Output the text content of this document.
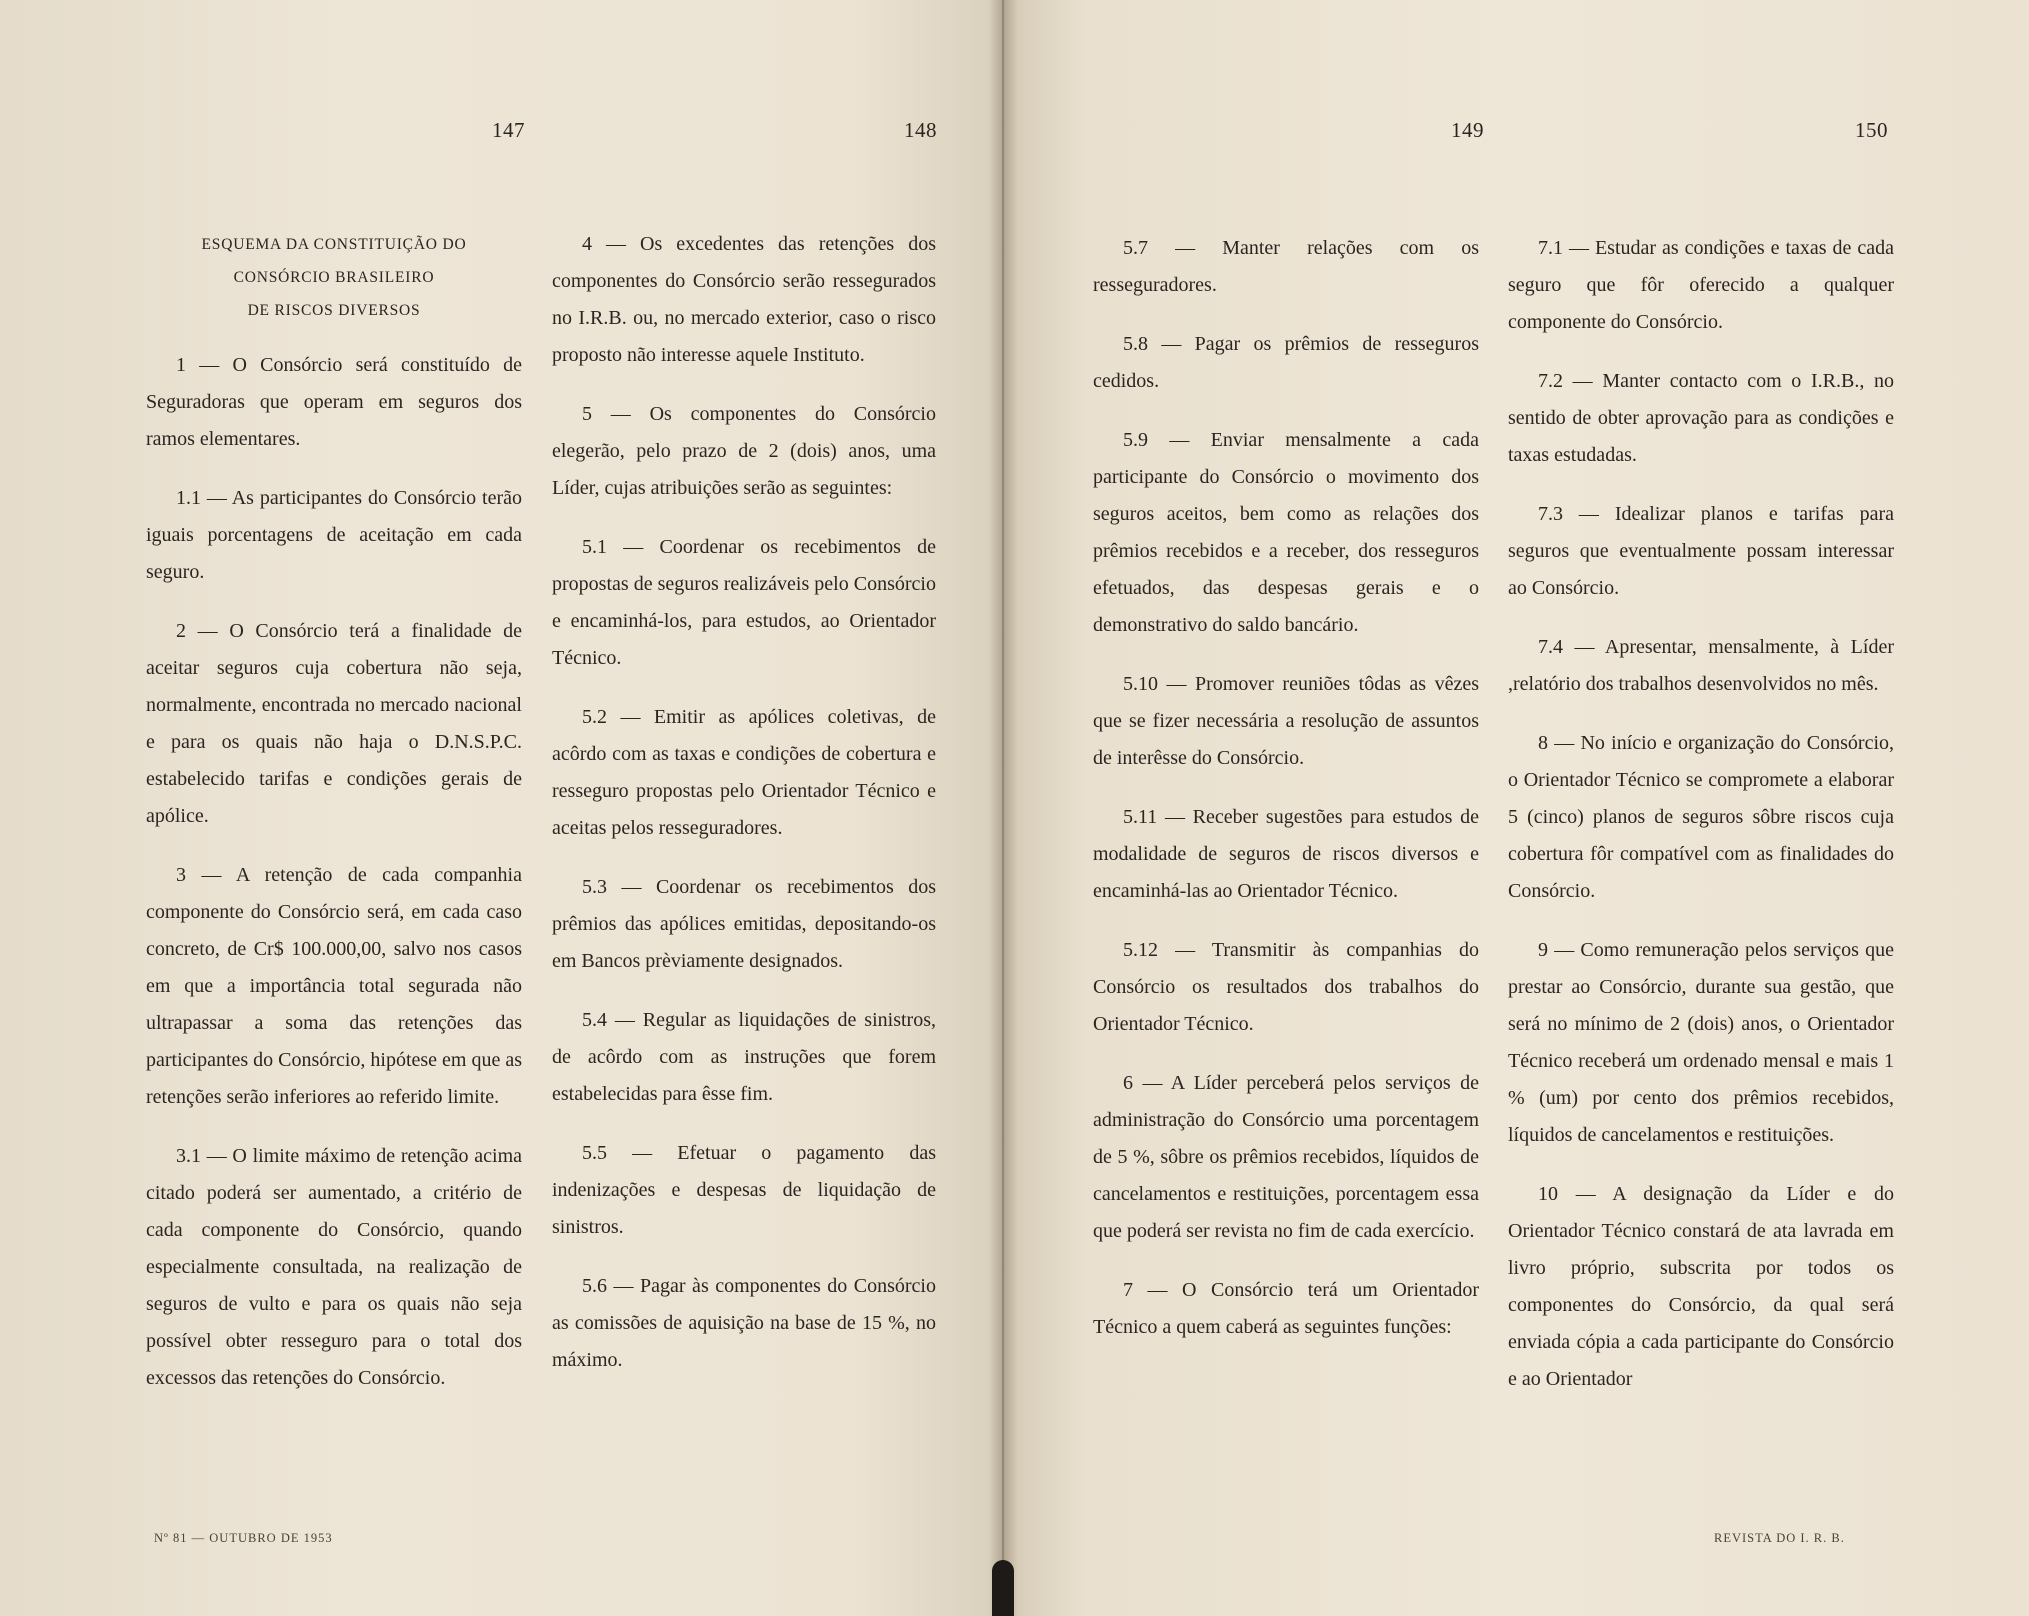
147	148	149	150
ESQUEMA DA CONSTITUIÇÃO DO
CONSÓRCIO BRASILEIRO
DE RISCOS DIVERSOS

1 — O Consórcio será constituído de Seguradoras que operam em seguros dos ramos elementares.

1.1 — As participantes do Consórcio terão iguais porcentagens de aceitação em cada seguro.

2 — O Consórcio terá a finalidade de aceitar seguros cuja cobertura não seja, normalmente, encontrada no mercado nacional e para os quais não haja o D.N.S.P.C. estabelecido tarifas e condições gerais de apólice.

3 — A retenção de cada companhia componente do Consórcio será, em cada caso concreto, de Cr$ 100.000,00, salvo nos casos em que a importância total segurada não ultrapassar a soma das retenções das participantes do Consórcio, hipótese em que as retenções serão inferiores ao referido limite.

3.1 — O limite máximo de retenção acima citado poderá ser aumentado, a critério de cada componente do Consórcio, quando especialmente consultada, na realização de seguros de vulto e para os quais não seja possível obter resseguro para o total dos excessos das retenções do Consórcio.

4 — Os excedentes das retenções dos componentes do Consórcio serão ressegurados no I.R.B. ou, no mercado exterior, caso o risco proposto não interesse aquele Instituto.

5 — Os componentes do Consórcio elegerão, pelo prazo de 2 (dois) anos, uma Líder, cujas atribuições serão as seguintes:

5.1 — Coordenar os recebimentos de propostas de seguros realizáveis pelo Consórcio e encaminhá-los, para estudos, ao Orientador Técnico.

5.2 — Emitir as apólices coletivas, de acôrdo com as taxas e condições de cobertura e resseguro propostas pelo Orientador Técnico e aceitas pelos resseguradores.

5.3 — Coordenar os recebimentos dos prêmios das apólices emitidas, depositando-os em Bancos prèviamente designados.

5.4 — Regular as liquidações de sinistros, de acôrdo com as instruções que forem estabelecidas para êsse fim.

5.5 — Efetuar o pagamento das indenizações e despesas de liquidação de sinistros.

5.6 — Pagar às componentes do Consórcio as comissões de aquisição na base de 15 %, no máximo.

5.7 — Manter relações com os resseguradores.

5.8 — Pagar os prêmios de resseguros cedidos.

5.9 — Enviar mensalmente a cada participante do Consórcio o movimento dos seguros aceitos, bem como as relações dos prêmios recebidos e a receber, dos resseguros efetuados, das despesas gerais e o demonstrativo do saldo bancário.

5.10 — Promover reuniões tôdas as vêzes que se fizer necessária a resolução de assuntos de interêsse do Consórcio.

5.11 — Receber sugestões para estudos de modalidade de seguros de riscos diversos e encaminhá-las ao Orientador Técnico.

5.12 — Transmitir às companhias do Consórcio os resultados dos trabalhos do Orientador Técnico.

6 — A Líder perceberá pelos serviços de administração do Consórcio uma porcentagem de 5 %, sôbre os prêmios recebidos, líquidos de cancelamentos e restituições, porcentagem essa que poderá ser revista no fim de cada exercício.

7 — O Consórcio terá um Orientador Técnico a quem caberá as seguintes funções:

7.1 — Estudar as condições e taxas de cada seguro que fôr oferecido a qualquer componente do Consórcio.

7.2 — Manter contacto com o I.R.B., no sentido de obter aprovação para as condições e taxas estudadas.

7.3 — Idealizar planos e tarifas para seguros que eventualmente possam interessar ao Consórcio.

7.4 — Apresentar, mensalmente, à Líder ,relatório dos trabalhos desenvolvidos no mês.

8 — No início e organização do Consórcio, o Orientador Técnico se compromete a elaborar 5 (cinco) planos de seguros sôbre riscos cuja cobertura fôr compatível com as finalidades do Consórcio.

9 — Como remuneração pelos serviços que prestar ao Consórcio, durante sua gestão, que será no mínimo de 2 (dois) anos, o Orientador Técnico receberá um ordenado mensal e mais 1 % (um) por cento dos prêmios recebidos, líquidos de cancelamentos e restituições.

10 — A designação da Líder e do Orientador Técnico constará de ata lavrada em livro próprio, subscrita por todos os componentes do Consórcio, da qual será enviada cópia a cada participante do Consórcio e ao Orientador

Nº 81 — OUTUBRO DE 1953	REVISTA DO I. R. B.
